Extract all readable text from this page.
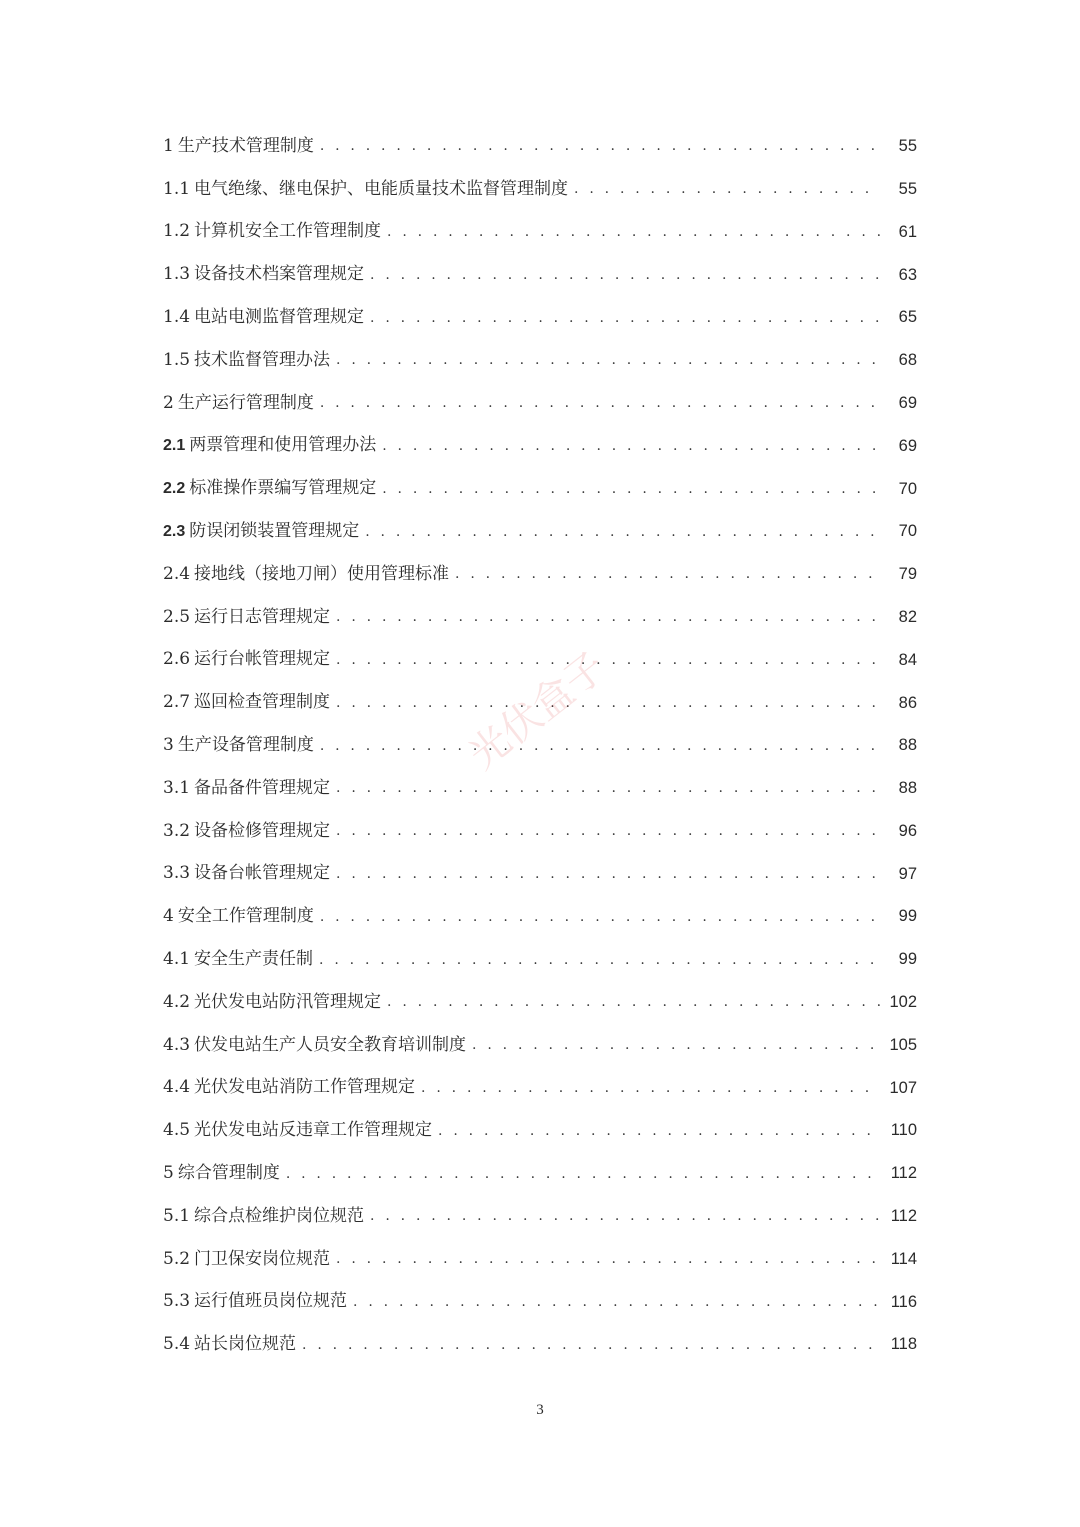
1 生产技术管理制度 . . .	55
1.1 电气绝缘、继电保护、电能质量技术监督管理制度 . . .	55
1.2 计算机安全工作管理制度 . . .	61
1.3 设备技术档案管理规定 . . .	63
1.4 电站电测监督管理规定 . . .	65
1.5 技术监督管理办法 . . .	68
2 生产运行管理制度 . . .	69
2.1 两票管理和使用管理办法 . . .	69
2.2 标准操作票编写管理规定 . . .	70
2.3 防误闭锁装置管理规定 . . .	70
2.4 接地线（接地刀闸）使用管理标准 . . .	79
2.5 运行日志管理规定 . . .	82
2.6 运行台帐管理规定 . . .	84
2.7 巡回检查管理制度 . . .	86
3 生产设备管理制度 . . .	88
3.1 备品备件管理规定 . . .	88
3.2 设备检修管理规定 . . .	96
3.3 设备台帐管理规定 . . .	97
4 安全工作管理制度 . . .	99
4.1 安全生产责任制 . . .	99
4.2 光伏发电站防汛管理规定 . . .	102
4.3 伏发电站生产人员安全教育培训制度 . . .	105
4.4 光伏发电站消防工作管理规定 . . .	107
4.5 光伏发电站反违章工作管理规定 . . .	110
5 综合管理制度 . . .	112
5.1 综合点检维护岗位规范 . . .	112
5.2 门卫保安岗位规范 . . .	114
5.3 运行值班员岗位规范 . . .	116
5.4 站长岗位规范 . . .	118
光伏盒子
3
